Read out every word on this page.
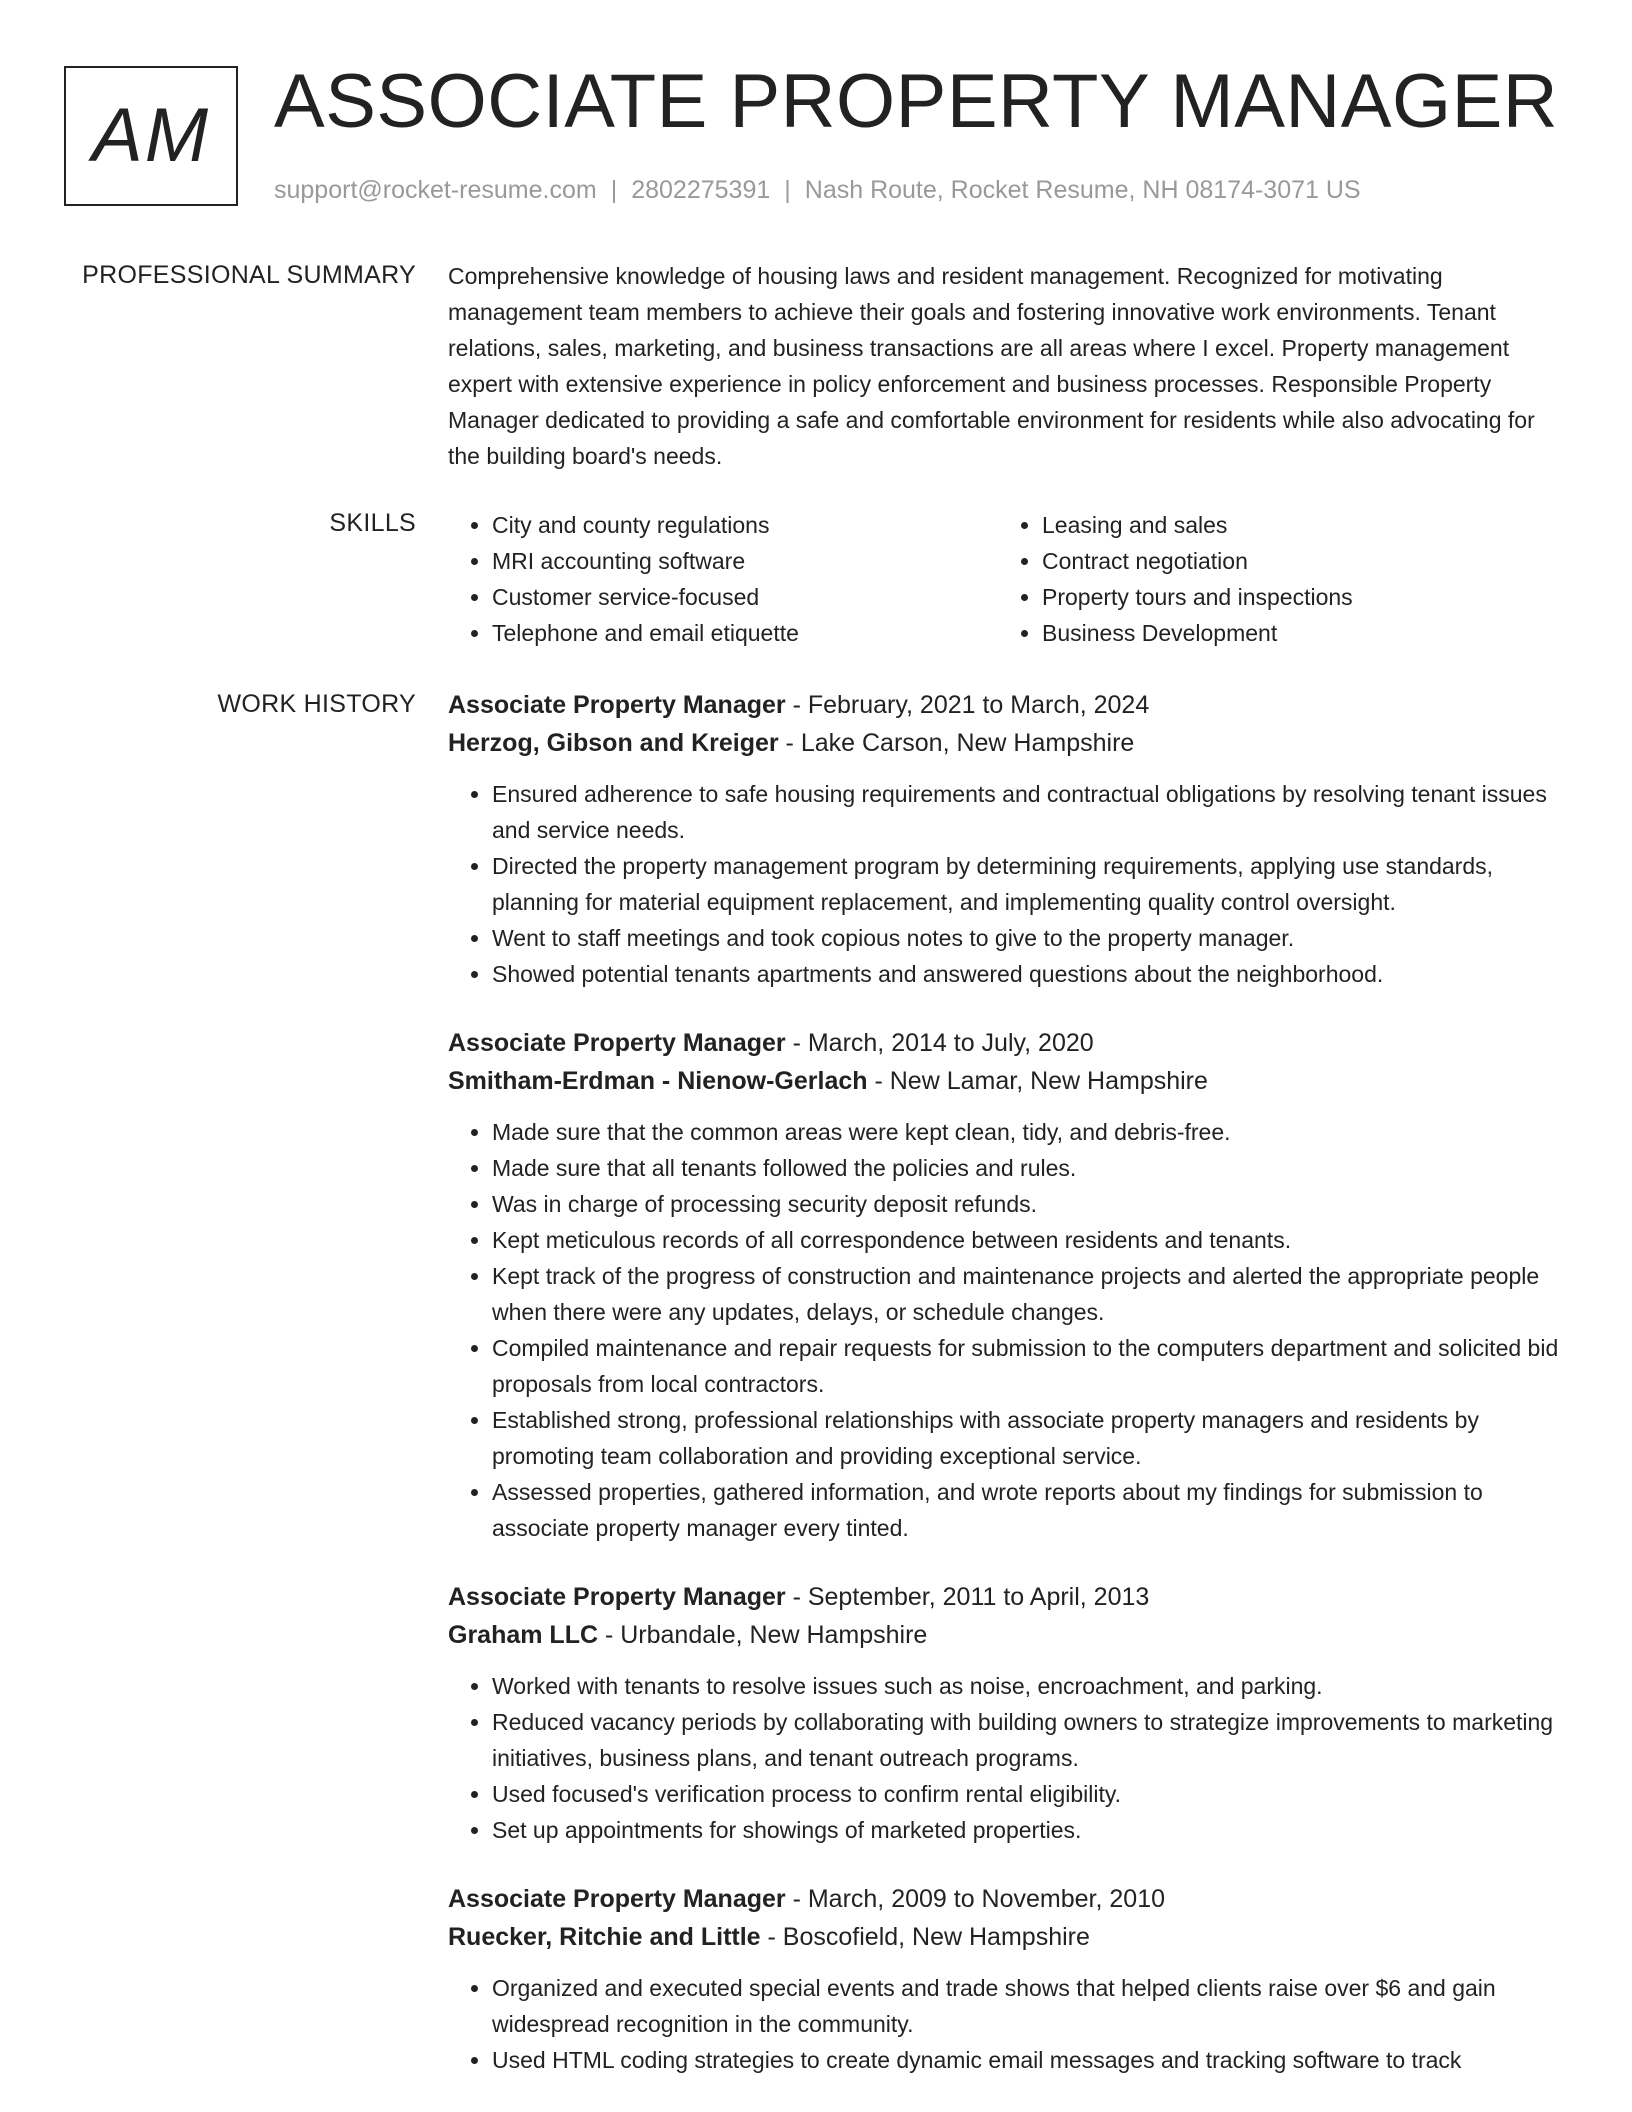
AM ASSOCIATE PROPERTY MANAGER
support@rocket-resume.com | 2802275391 | Nash Route, Rocket Resume, NH 08174-3071 US
PROFESSIONAL SUMMARY Comprehensive knowledge of housing laws and resident management. Recognized for motivating management team members to achieve their goals and fostering innovative work environments. Tenant relations, sales, marketing, and business transactions are all areas where I excel. Property management expert with extensive experience in policy enforcement and business processes. Responsible Property Manager dedicated to providing a safe and comfortable environment for residents while also advocating for the building board's needs.

SKILLS
•	City and county regulations
• MRI accounting software
• Customer service-focused
• Telephone and email etiquette
• Leasing and sales
• Contract negotiation
• Property tours and inspections
• Business Development
WORK HISTORY Associate Property Manager - February, 2021 to March, 2024
Herzog, Gibson and Kreiger - Lake Carson, New Hampshire
• Ensured adherence to safe housing requirements and contractual obligations by resolving tenant issues and service needs.
• Directed the property management program by determining requirements, applying use standards, planning for material equipment replacement, and implementing quality control oversight.
• Went to staff meetings and took copious notes to give to the property manager.
• Showed potential tenants apartments and answered questions about the neighborhood.
Associate Property Manager - March, 2014 to July, 2020
Smitham-Erdman - Nienow-Gerlach - New Lamar, New Hampshire
• Made sure that the common areas were kept clean, tidy, and debris-free.
• Made sure that all tenants followed the policies and rules.
• Was in charge of processing security deposit refunds.
• Kept meticulous records of all correspondence between residents and tenants.
• Kept track of the progress of construction and maintenance projects and alerted the appropriate people when there were any updates, delays, or schedule changes.
• Compiled maintenance and repair requests for submission to the computers department and solicited bid proposals from local contractors.
• Established strong, professional relationships with associate property managers and residents by promoting team collaboration and providing exceptional service.
• Assessed properties, gathered information, and wrote reports about my findings for submission to associate property manager every tinted.
Associate Property Manager - September, 2011 to April, 2013
Graham LLC - Urbandale, New Hampshire
• Worked with tenants to resolve issues such as noise, encroachment, and parking.
• Reduced vacancy periods by collaborating with building owners to strategize improvements to marketing initiatives, business plans, and tenant outreach programs.
• Used focused's verification process to confirm rental eligibility.
• Set up appointments for showings of marketed properties.
Associate Property Manager - March, 2009 to November, 2010
Ruecker, Ritchie and Little - Boscofield, New Hampshire
• Organized and executed special events and trade shows that helped clients raise over $6 and gain widespread recognition in the community.
• Used HTML coding strategies to create dynamic email messages and tracking software to track
